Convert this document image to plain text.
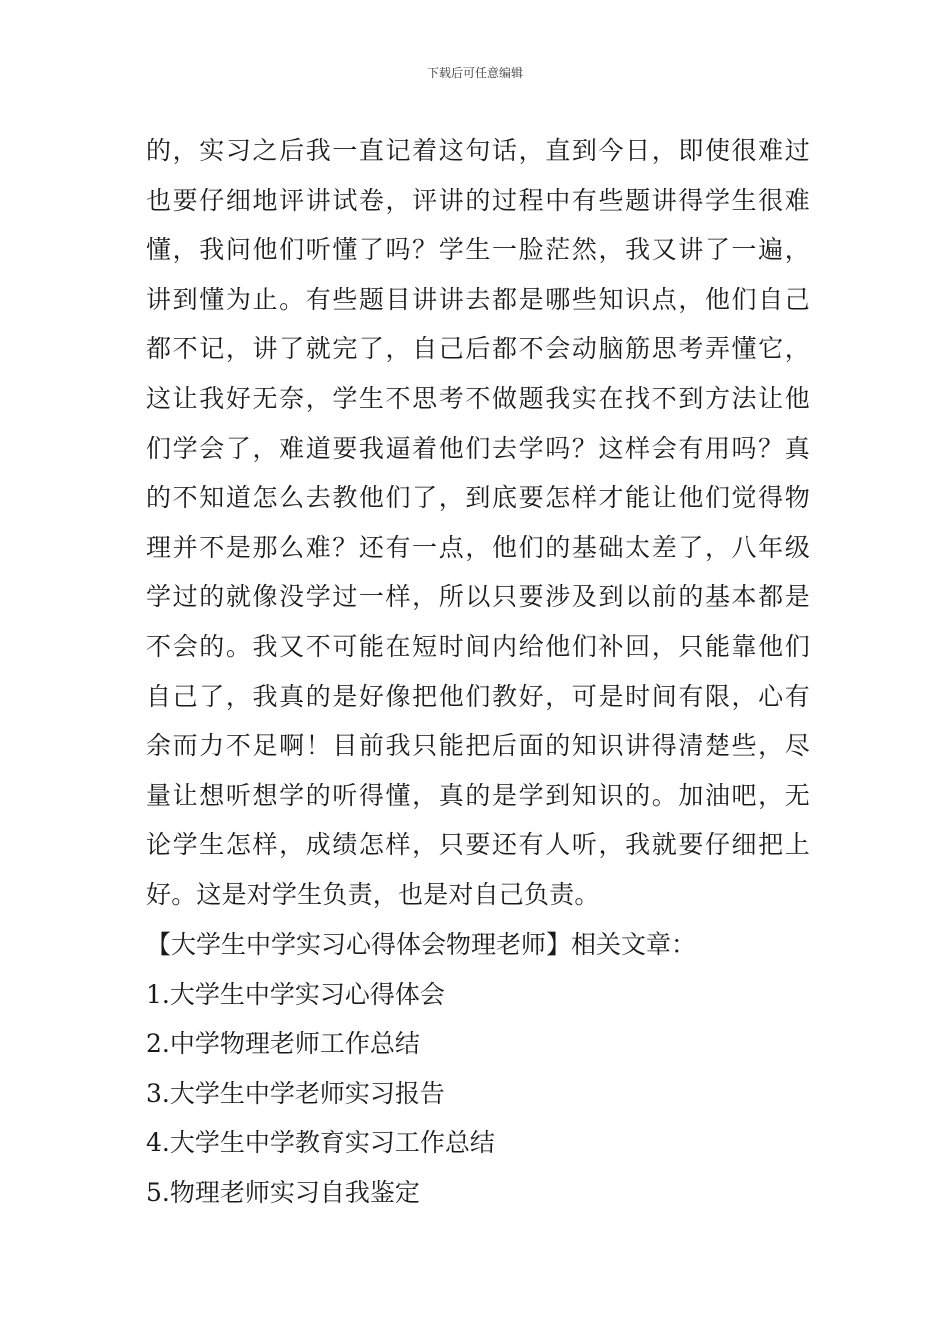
下载后可任意编辑
的，实习之后我一直记着这句话，直到今日，即使很难过
也要仔细地评讲试卷，评讲的过程中有些题讲得学生很难
懂，我问他们听懂了吗？学生一脸茫然，我又讲了一遍，
讲到懂为止。有些题目讲讲去都是哪些知识点，他们自己
都不记，讲了就完了，自己后都不会动脑筋思考弄懂它，
这让我好无奈，学生不思考不做题我实在找不到方法让他
们学会了，难道要我逼着他们去学吗？这样会有用吗？真
的不知道怎么去教他们了，到底要怎样才能让他们觉得物
理并不是那么难？还有一点，他们的基础太差了，八年级
学过的就像没学过一样，所以只要涉及到以前的基本都是
不会的。我又不可能在短时间内给他们补回，只能靠他们
自己了，我真的是好像把他们教好，可是时间有限，心有
余而力不足啊！目前我只能把后面的知识讲得清楚些，尽
量让想听想学的听得懂，真的是学到知识的。加油吧，无
论学生怎样，成绩怎样，只要还有人听，我就要仔细把上
好。这是对学生负责，也是对自己负责。
【大学生中学实习心得体会物理老师】相关文章：
1.大学生中学实习心得体会
2.中学物理老师工作总结
3.大学生中学老师实习报告
4.大学生中学教育实习工作总结
5.物理老师实习自我鉴定
